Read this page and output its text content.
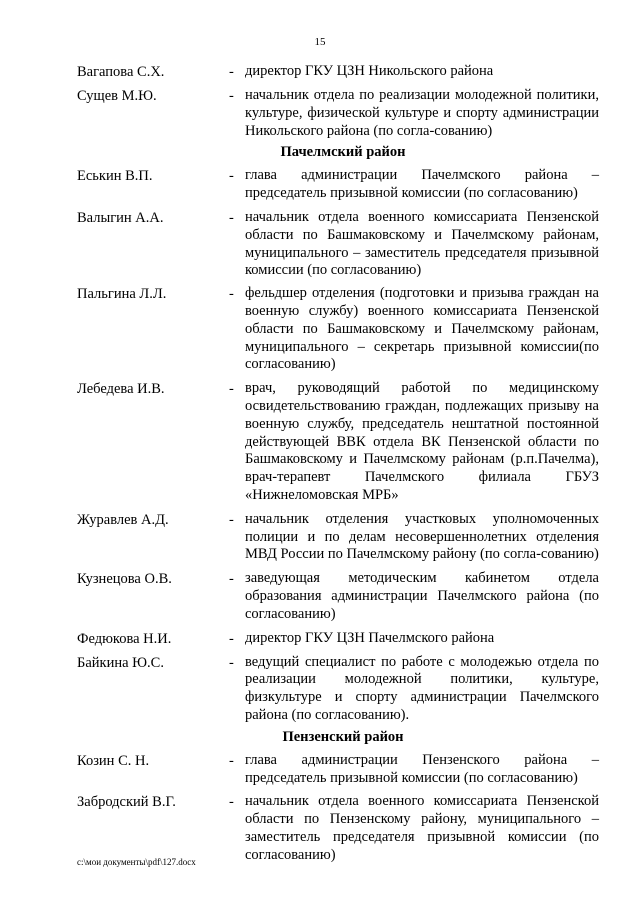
15
Вагапова С.Х.	- директор ГКУ ЦЗН Никольского района
Сущев М.Ю.	- начальник отдела по реализации молодежной политики, культуре, физической культуре и спорту администрации Никольского района (по согла-сованию)
Пачелмский район
Еськин В.П.	- глава администрации Пачелмского района – председатель призывной комиссии (по согласованию)
Валыгин А.А.	- начальник отдела военного комиссариата Пензенской области по Башмаковскому и Пачелмскому районам, муниципального – заместитель председателя призывной комиссии (по согласованию)
Пальгина Л.Л.	- фельдшер отделения (подготовки и призыва граждан на военную службу) военного комиссариата Пензенской области по Башмаковскому и Пачелмскому районам, муниципального – секретарь призывной комиссии(по согласованию)
Лебедева И.В.	- врач, руководящий работой по медицинскому освидетельствованию граждан, подлежащих призыву на военную службу, председатель нештатной постоянной действующей ВВК отдела ВК Пензенской области по Башмаковскому и Пачелмскому районам (р.п.Пачелма), врач-терапевт Пачелмского филиала ГБУЗ «Нижнеломовская МРБ»
Журавлев А.Д.	- начальник отделения участковых уполномоченных полиции и по делам несовершеннолетних отделения МВД России по Пачелмскому району (по согла-сованию)
Кузнецова О.В.	- заведующая методическим кабинетом отдела образования администрации Пачелмского района (по согласованию)
Федюкова Н.И.	- директор ГКУ ЦЗН Пачелмского района
Байкина Ю.С.	- ведущий специалист по работе с молодежью отдела по реализации молодежной политики, культуре, физкультуре и спорту администрации Пачелмского района (по согласованию).
Пензенский район
Козин С. Н.	- глава администрации Пензенского района – председатель призывной комиссии (по согласованию)
Забродский В.Г.	- начальник отдела военного комиссариата Пензенской области по Пензенскому району, муниципального – заместитель председателя призывной комиссии (по согласованию)
c:\мои документы\pdf\127.docx
